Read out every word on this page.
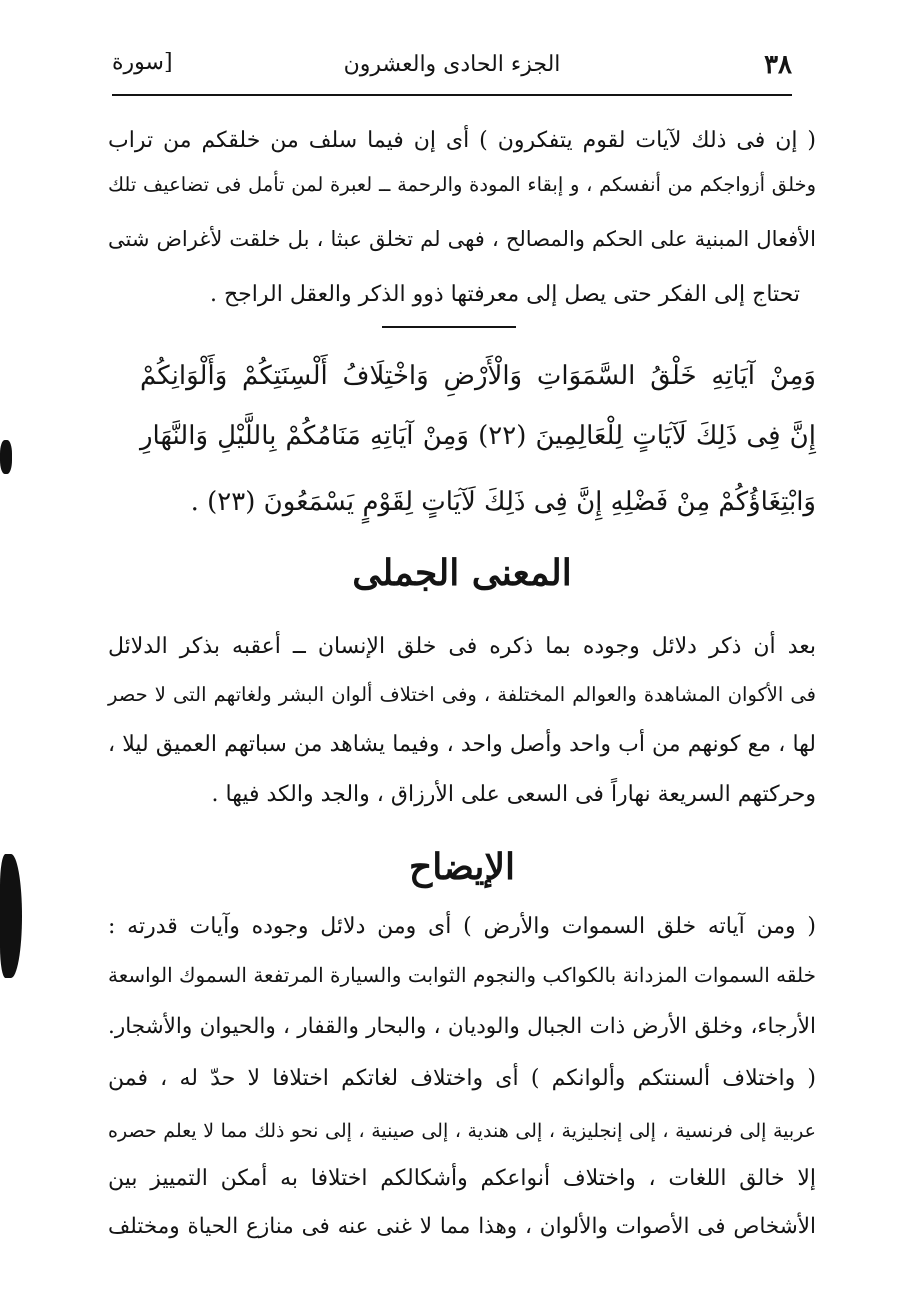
٣٨
الجزء الحادى والعشرون
[سورة
( إن فى ذلك لآيات لقوم يتفكرون ) أى إن فيما سلف من خلقكم من تراب
وخلق أزواجكم من أنفسكم ، و إبقاء المودة والرحمة ــ لعبرة لمن تأمل فى تضاعيف تلك
الأفعال المبنية على الحكم والمصالح ، فهى لم تخلق عبثا ، بل خلقت لأغراض شتى
تحتاج إلى الفكر حتى يصل إلى معرفتها ذوو الذكر والعقل الراجح .
وَمِنْ آيَاتِهِ خَلْقُ السَّمَوَاتِ وَالْأَرْضِ وَاخْتِلَافُ أَلْسِنَتِكُمْ وَأَلْوَانِكُمْ
إِنَّ فِى ذَلِكَ لَآيَاتٍ لِلْعَالِمِينَ (٢٢) وَمِنْ آيَاتِهِ مَنَامُكُمْ بِاللَّيْلِ وَالنَّهَارِ
وَابْتِغَاؤُكُمْ مِنْ فَضْلِهِ إِنَّ فِى ذَلِكَ لَآيَاتٍ لِقَوْمٍ يَسْمَعُونَ (٢٣) .
المعنى الجملى
بعد أن ذكر دلائل وجوده بما ذكره فى خلق الإنسان ــ أعقبه بذكر الدلائل
فى الأكوان المشاهدة والعوالم المختلفة ، وفى اختلاف ألوان البشر ولغاتهم التى لا حصر
لها ، مع كونهم من أب واحد وأصل واحد ، وفيما يشاهد من سباتهم العميق ليلا ،
وحركتهم السريعة نهاراً فى السعى على الأرزاق ، والجد والكد فيها .
الإيضاح
( ومن آياته خلق السموات والأرض ) أى ومن دلائل وجوده وآيات قدرته :
خلقه السموات المزدانة بالكواكب والنجوم الثوابت والسيارة المرتفعة السموك الواسعة
الأرجاء، وخلق الأرض ذات الجبال والوديان ، والبحار والقفار ، والحيوان والأشجار.
( واختلاف ألسنتكم وألوانكم ) أى واختلاف لغاتكم اختلافا لا حدّ له ، فمن
عربية إلى فرنسية ، إلى إنجليزية ، إلى هندية ، إلى صينية ، إلى نحو ذلك مما لا يعلم حصره
إلا خالق اللغات ، واختلاف أنواعكم وأشكالكم اختلافا به أمكن التمييز بين
الأشخاص فى الأصوات والألوان ، وهذا مما لا غنى عنه فى منازع الحياة ومختلف
